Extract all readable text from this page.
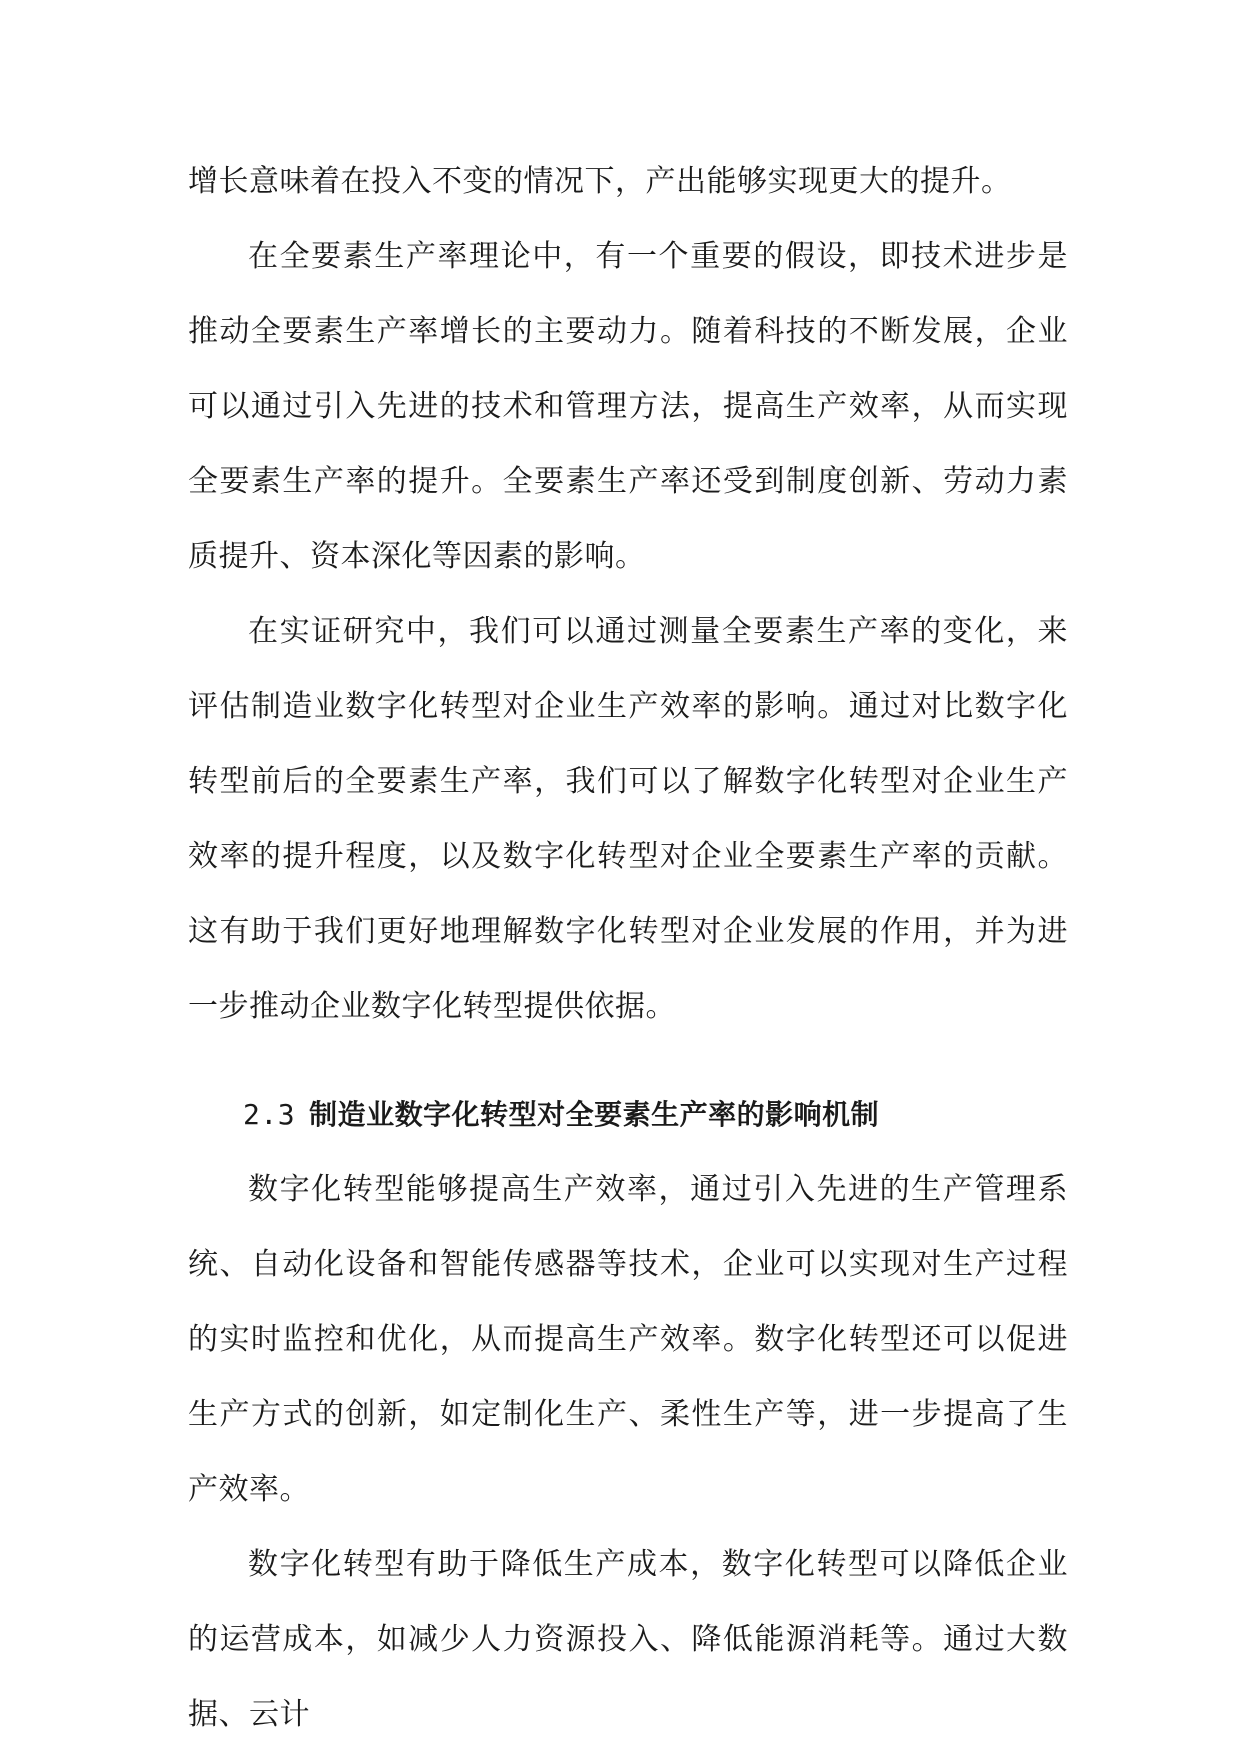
增长意味着在投入不变的情况下，产出能够实现更大的提升。

在全要素生产率理论中，有一个重要的假设，即技术进步是推动全要素生产率增长的主要动力。随着科技的不断发展，企业可以通过引入先进的技术和管理方法，提高生产效率，从而实现全要素生产率的提升。全要素生产率还受到制度创新、劳动力素质提升、资本深化等因素的影响。

在实证研究中，我们可以通过测量全要素生产率的变化，来评估制造业数字化转型对企业生产效率的影响。通过对比数字化转型前后的全要素生产率，我们可以了解数字化转型对企业生产效率的提升程度，以及数字化转型对企业全要素生产率的贡献。这有助于我们更好地理解数字化转型对企业发展的作用，并为进一步推动企业数字化转型提供依据。

2.3 制造业数字化转型对全要素生产率的影响机制

数字化转型能够提高生产效率，通过引入先进的生产管理系统、自动化设备和智能传感器等技术，企业可以实现对生产过程的实时监控和优化，从而提高生产效率。数字化转型还可以促进生产方式的创新，如定制化生产、柔性生产等，进一步提高了生产效率。

数字化转型有助于降低生产成本，数字化转型可以降低企业的运营成本，如减少人力资源投入、降低能源消耗等。通过大数据、云计
